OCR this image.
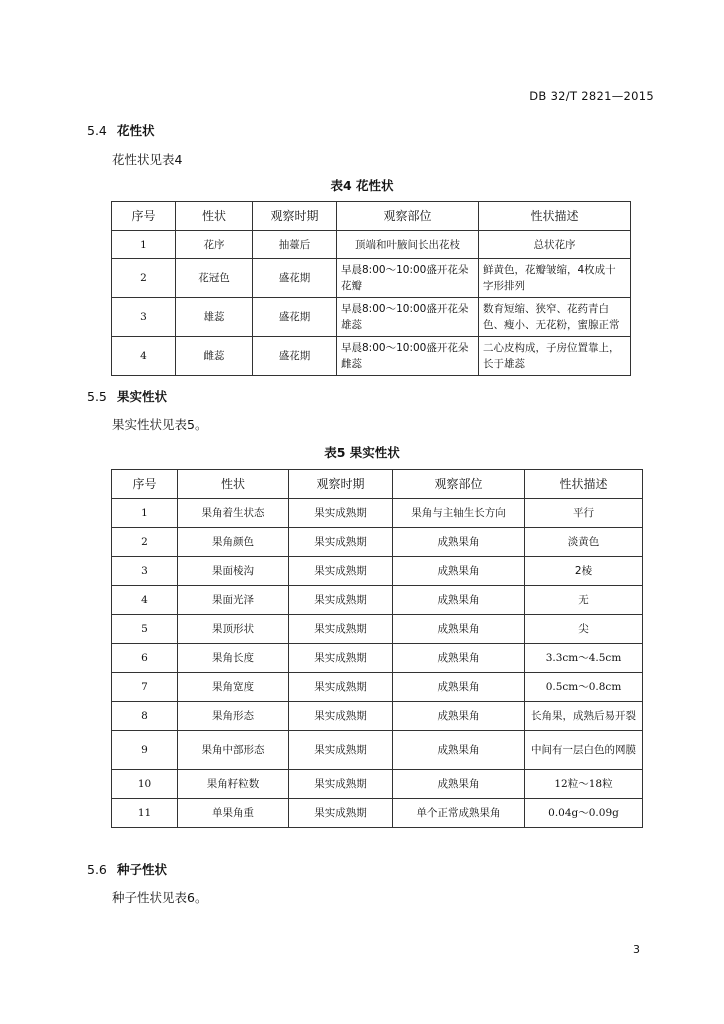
DB 32/T 2821—2015
5.4 花性状
花性状见表4
表4 花性状
序号	性状	观察时期	观察部位	性状描述
1	花序	抽薹后	顶端和叶腋间长出花枝	总状花序
2	花冠色	盛花期	早晨8:00～10:00盛开花朵花瓣	鲜黄色，花瓣皱缩，4枚成十字形排列
3	雄蕊	盛花期	早晨8:00～10:00盛开花朵雄蕊	数育短缩、狭窄、花药青白色、瘦小、无花粉，蜜腺正常
4	雌蕊	盛花期	早晨8:00～10:00盛开花朵雌蕊	二心皮构成，子房位置靠上，长于雄蕊
5.5 果实性状
果实性状见表5。
表5 果实性状
序号	性状	观察时期	观察部位	性状描述
1	果角着生状态	果实成熟期	果角与主轴生长方向	平行
2	果角颜色	果实成熟期	成熟果角	淡黄色
3	果面棱沟	果实成熟期	成熟果角	2棱
4	果面光泽	果实成熟期	成熟果角	无
5	果顶形状	果实成熟期	成熟果角	尖
6	果角长度	果实成熟期	成熟果角	3.3cm～4.5cm
7	果角宽度	果实成熟期	成熟果角	0.5cm～0.8cm
8	果角形态	果实成熟期	成熟果角	长角果，成熟后易开裂
9	果角中部形态	果实成熟期	成熟果角	中间有一层白色的网膜
10	果角籽粒数	果实成熟期	成熟果角	12粒～18粒
11	单果角重	果实成熟期	单个正常成熟果角	0.04g～0.09g
5.6 种子性状
种子性状见表6。
3
